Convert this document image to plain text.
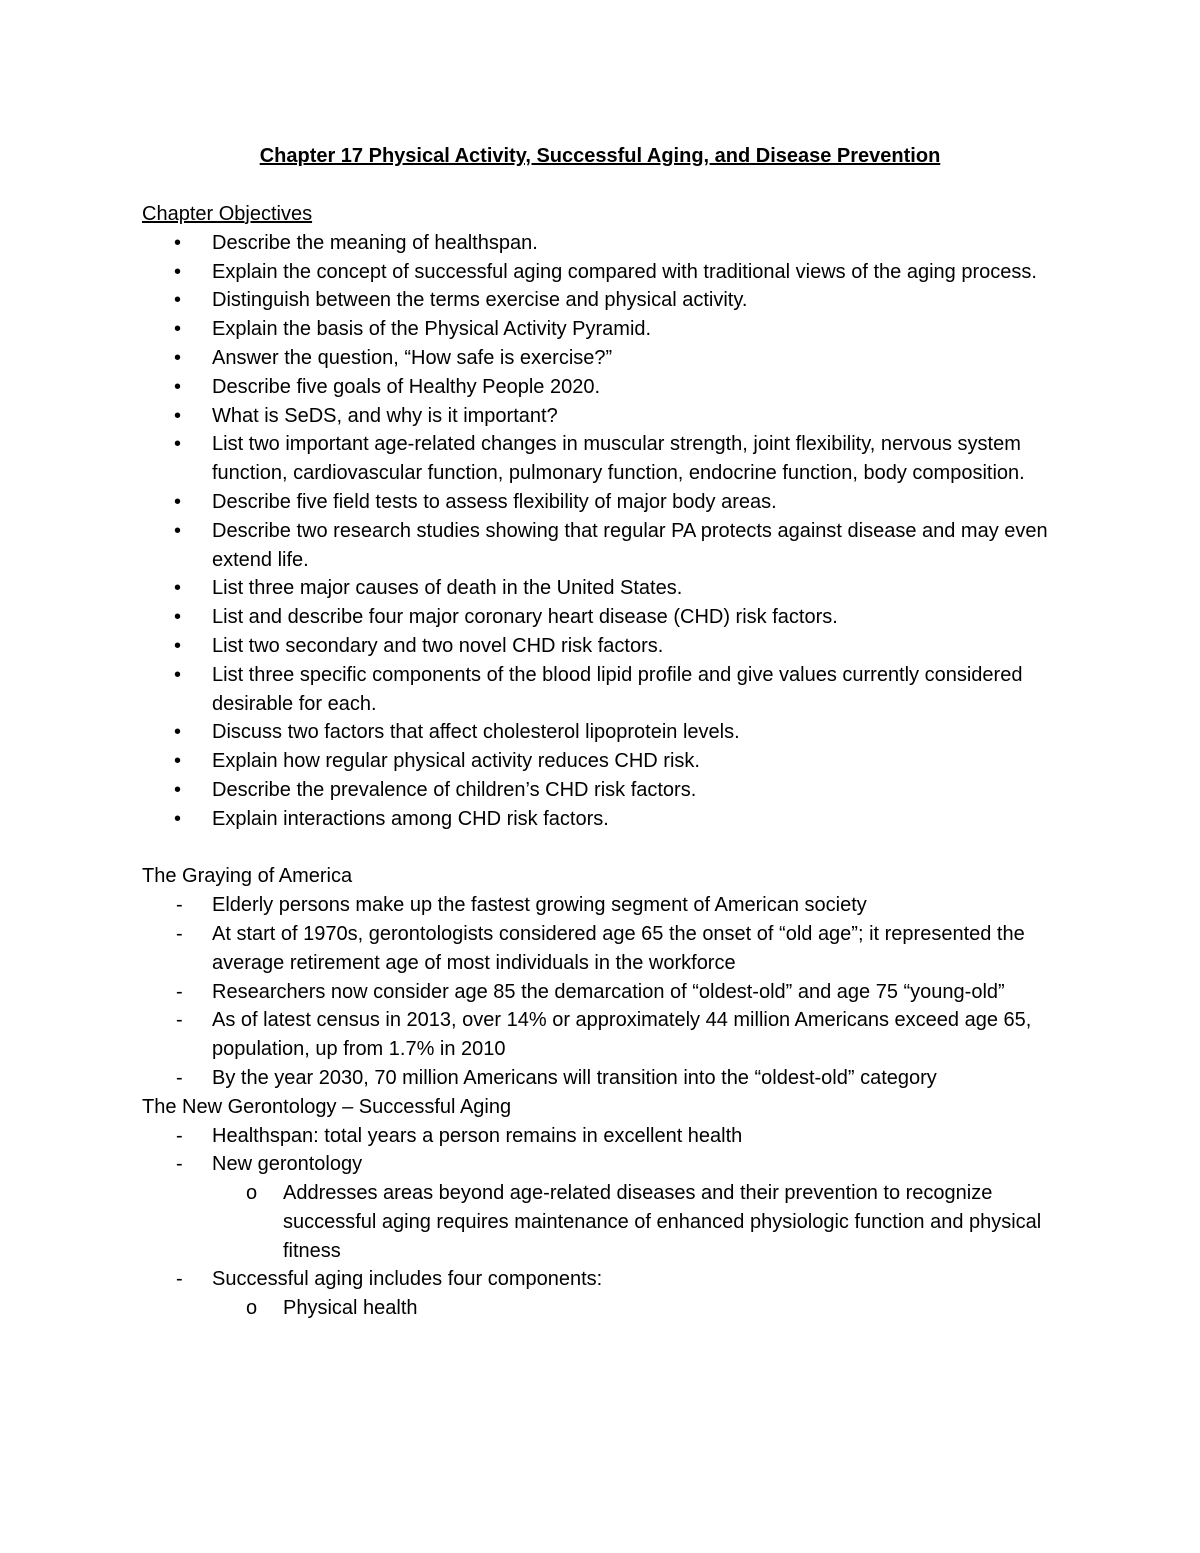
Chapter 17 Physical Activity, Successful Aging, and Disease Prevention

Chapter Objectives

• Describe the meaning of healthspan.
• Explain the concept of successful aging compared with traditional views of the aging process.
• Distinguish between the terms exercise and physical activity.
• Explain the basis of the Physical Activity Pyramid.
• Answer the question, “How safe is exercise?”
• Describe five goals of Healthy People 2020.
• What is SeDS, and why is it important?
• List two important age-related changes in muscular strength, joint flexibility, nervous system function, cardiovascular function, pulmonary function, endocrine function, body composition.
• Describe five field tests to assess flexibility of major body areas.
• Describe two research studies showing that regular PA protects against disease and may even extend life.
• List three major causes of death in the United States.
• List and describe four major coronary heart disease (CHD) risk factors.
• List two secondary and two novel CHD risk factors.
• List three specific components of the blood lipid profile and give values currently considered desirable for each.
• Discuss two factors that affect cholesterol lipoprotein levels.
• Explain how regular physical activity reduces CHD risk.
• Describe the prevalence of children’s CHD risk factors.
• Explain interactions among CHD risk factors.

The Graying of America

- Elderly persons make up the fastest growing segment of American society
- At start of 1970s, gerontologists considered age 65 the onset of “old age”; it represented the average retirement age of most individuals in the workforce
- Researchers now consider age 85 the demarcation of “oldest-old” and age 75 “young-old”
- As of latest census in 2013, over 14% or approximately 44 million Americans exceed age 65, population, up from 1.7% in 2010
- By the year 2030, 70 million Americans will transition into the “oldest-old” category

The New Gerontology – Successful Aging

- Healthspan: total years a person remains in excellent health
- New gerontology
o Addresses areas beyond age-related diseases and their prevention to recognize successful aging requires maintenance of enhanced physiologic function and physical fitness
- Successful aging includes four components:
o Physical health
